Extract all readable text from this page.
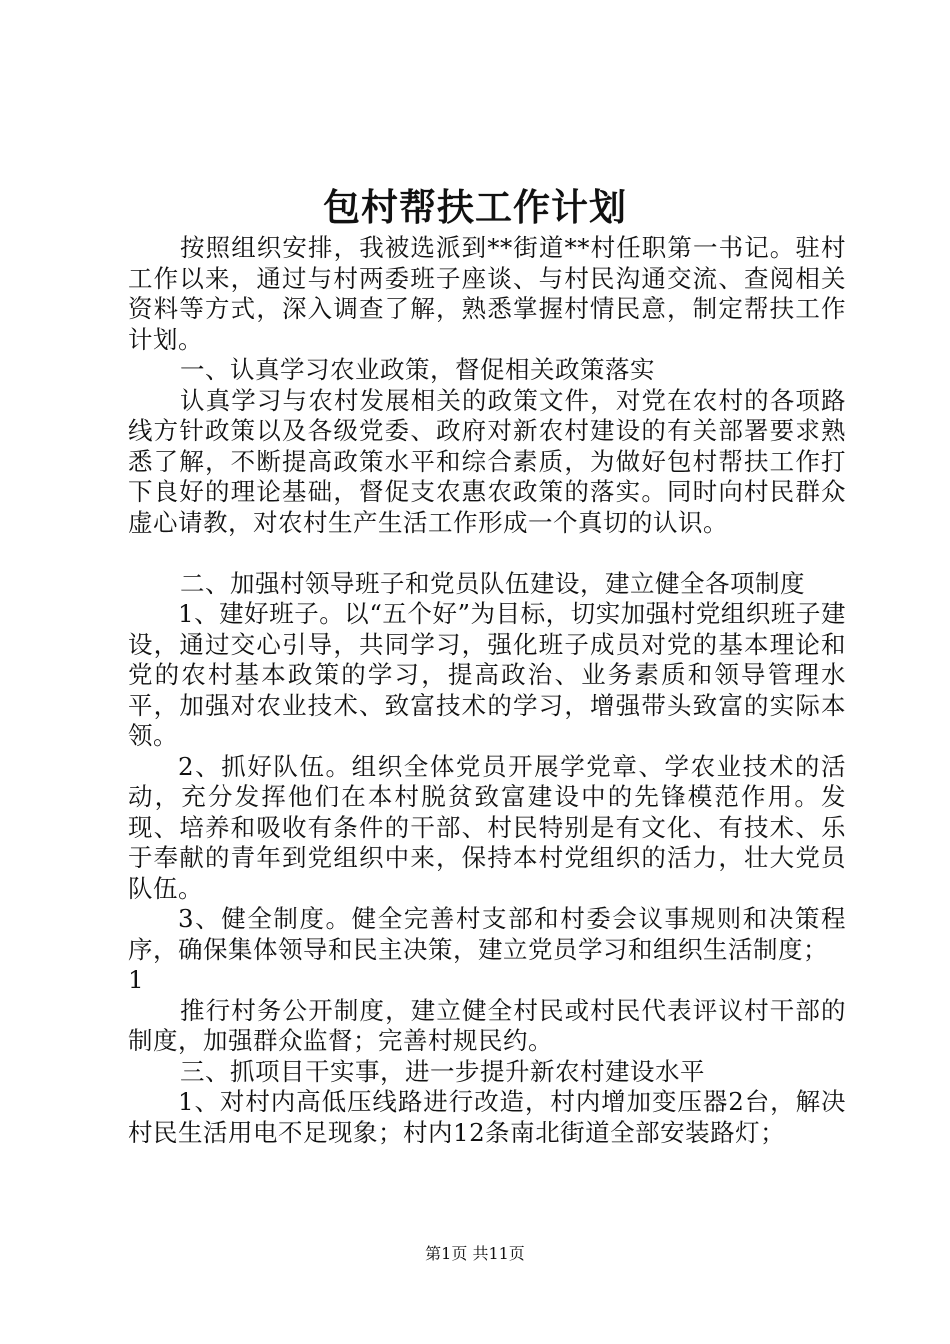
包村帮扶工作计划

按照组织安排，我被选派到**街道**村任职第一书记。驻村工作以来，通过与村两委班子座谈、与村民沟通交流、查阅相关资料等方式，深入调查了解，熟悉掌握村情民意，制定帮扶工作计划。

一、认真学习农业政策，督促相关政策落实

认真学习与农村发展相关的政策文件，对党在农村的各项路线方针政策以及各级党委、政府对新农村建设的有关部署要求熟悉了解，不断提高政策水平和综合素质，为做好包村帮扶工作打下良好的理论基础，督促支农惠农政策的落实。同时向村民群众虚心请教，对农村生产生活工作形成一个真切的认识。

二、加强村领导班子和党员队伍建设，建立健全各项制度

1、建好班子。以“五个好”为目标，切实加强村党组织班子建设，通过交心引导，共同学习，强化班子成员对党的基本理论和党的农村基本政策的学习，提高政治、业务素质和领导管理水平，加强对农业技术、致富技术的学习，增强带头致富的实际本领。

2、抓好队伍。组织全体党员开展学党章、学农业技术的活动，充分发挥他们在本村脱贫致富建设中的先锋模范作用。发现、培养和吸收有条件的干部、村民特别是有文化、有技术、乐于奉献的青年到党组织中来，保持本村党组织的活力，壮大党员队伍。

3、健全制度。健全完善村支部和村委会议事规则和决策程序，确保集体领导和民主决策，建立党员学习和组织生活制度；

1

推行村务公开制度，建立健全村民或村民代表评议村干部的制度，加强群众监督；完善村规民约。

三、抓项目干实事，进一步提升新农村建设水平

1、对村内高低压线路进行改造，村内增加变压器2台，解决村民生活用电不足现象；村内12条南北街道全部安装路灯；

第1页 共11页
